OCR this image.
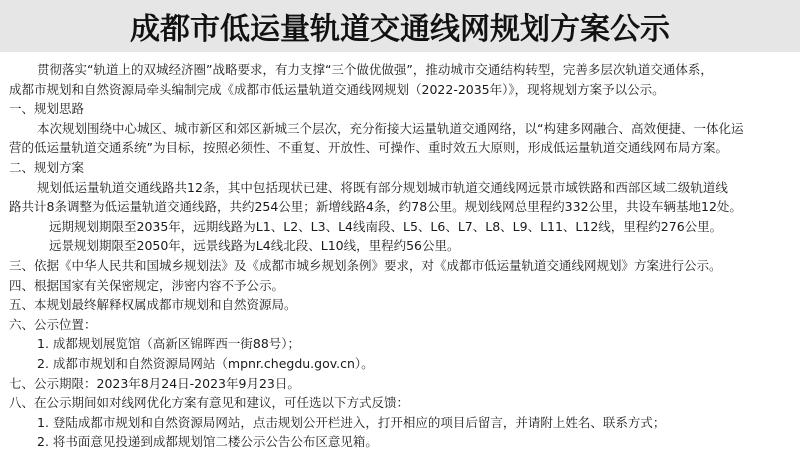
成都市低运量轨道交通线网规划方案公示
贯彻落实“轨道上的双城经济圈”战略要求，有力支撑“三个做优做强”，推动城市交通结构转型，完善多层次轨道交通体系，
成都市规划和自然资源局牵头编制完成《成都市低运量轨道交通线网规划（2022-2035年）》，现将规划方案予以公示。
一、规划思路
本次规划围绕中心城区、城市新区和郊区新城三个层次，充分衔接大运量轨道交通网络，以“构建多网融合、高效便捷、一体化运
营的低运量轨道交通系统”为目标，按照必须性、不重复、开放性、可操作、重时效五大原则，形成低运量轨道交通线网布局方案。
二、规划方案
规划低运量轨道交通线路共12条，其中包括现状已建、将既有部分规划城市轨道交通线网远景市域铁路和西部区域二级轨道线
路共计8条调整为低运量轨道交通线路，共约254公里；新增线路4条，约78公里。规划线网总里程约332公里，共设车辆基地12处。
远期规划期限至2035年，远期线路为L1、L2、L3、L4线南段、L5、L6、L7、L8、L9、L11、L12线，里程约276公里。
远景规划期限至2050年，远景线路为L4线北段、L10线，里程约56公里。
三、依据《中华人民共和国城乡规划法》及《成都市城乡规划条例》要求，对《成都市低运量轨道交通线网规划》方案进行公示。
四、根据国家有关保密规定，涉密内容不予公示。
五、本规划最终解释权属成都市规划和自然资源局。
六、公示位置：
1. 成都规划展览馆（高新区锦晖西一街88号）；
2. 成都市规划和自然资源局网站（mpnr.chegdu.gov.cn）。
七、公示期限：2023年8月24日-2023年9月23日。
八、在公示期间如对线网优化方案有意见和建议，可任选以下方式反馈：
1. 登陆成都市规划和自然资源局网站，点击规划公开栏进入，打开相应的项目后留言，并请附上姓名、联系方式；
2. 将书面意见投递到成都规划馆二楼公示公告公布区意见箱。
